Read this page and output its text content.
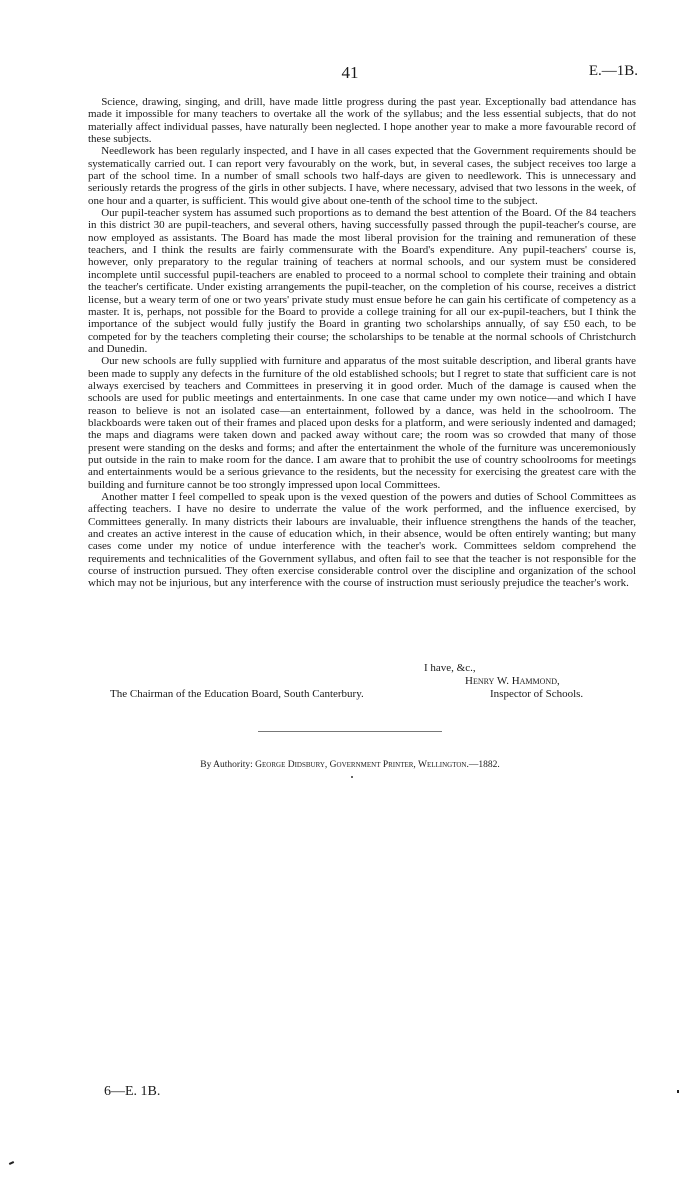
41	E.—1B.

Science, drawing, singing, and drill, have made little progress during the past year. Exceptionally bad attendance has made it impossible for many teachers to overtake all the work of the syllabus; and the less essential subjects, that do not materially affect individual passes, have naturally been neglected. I hope another year to make a more favourable record of these subjects.

Needlework has been regularly inspected, and I have in all cases expected that the Government requirements should be systematically carried out. I can report very favourably on the work, but, in several cases, the subject receives too large a part of the school time. In a number of small schools two half-days are given to needlework. This is unnecessary and seriously retards the progress of the girls in other subjects. I have, where necessary, advised that two lessons in the week, of one hour and a quarter, is sufficient. This would give about one-tenth of the school time to the subject.

Our pupil-teacher system has assumed such proportions as to demand the best attention of the Board. Of the 84 teachers in this district 30 are pupil-teachers, and several others, having successfully passed through the pupil-teacher's course, are now employed as assistants. The Board has made the most liberal provision for the training and remuneration of these teachers, and I think the results are fairly commensurate with the Board's expenditure. Any pupil-teachers' course is, however, only preparatory to the regular training of teachers at normal schools, and our system must be considered incomplete until successful pupil-teachers are enabled to proceed to a normal school to complete their training and obtain the teacher's certificate. Under existing arrangements the pupil-teacher, on the completion of his course, receives a district license, but a weary term of one or two years' private study must ensue before he can gain his certificate of competency as a master. It is, perhaps, not possible for the Board to provide a college training for all our ex-pupil-teachers, but I think the importance of the subject would fully justify the Board in granting two scholarships annually, of say £50 each, to be competed for by the teachers completing their course; the scholarships to be tenable at the normal schools of Christchurch and Dunedin.

Our new schools are fully supplied with furniture and apparatus of the most suitable description, and liberal grants have been made to supply any defects in the furniture of the old established schools; but I regret to state that sufficient care is not always exercised by teachers and Committees in preserving it in good order. Much of the damage is caused when the schools are used for public meetings and entertainments. In one case that came under my own notice—and which I have reason to believe is not an isolated case—an entertainment, followed by a dance, was held in the schoolroom. The blackboards were taken out of their frames and placed upon desks for a platform, and were seriously indented and damaged; the maps and diagrams were taken down and packed away without care; the room was so crowded that many of those present were standing on the desks and forms; and after the entertainment the whole of the furniture was unceremoniously put outside in the rain to make room for the dance. I am aware that to prohibit the use of country schoolrooms for meetings and entertainments would be a serious grievance to the residents, but the necessity for exercising the greatest care with the building and furniture cannot be too strongly impressed upon local Committees.

Another matter I feel compelled to speak upon is the vexed question of the powers and duties of School Committees as affecting teachers. I have no desire to underrate the value of the work performed, and the influence exercised, by Committees generally. In many districts their labours are invaluable, their influence strengthens the hands of the teacher, and creates an active interest in the cause of education which, in their absence, would be often entirely wanting; but many cases come under my notice of undue interference with the teacher's work. Committees seldom comprehend the requirements and technicalities of the Government syllabus, and often fail to see that the teacher is not responsible for the course of instruction pursued. They often exercise considerable control over the discipline and organization of the school which may not be injurious, but any interference with the course of instruction must seriously prejudice the teacher's work.

I have, &c.,
Henry W. Hammond,
The Chairman of the Education Board, South Canterbury.	Inspector of Schools.
By Authority: George Didsbury, Government Printer, Wellington.—1882.
6—E. 1B.
